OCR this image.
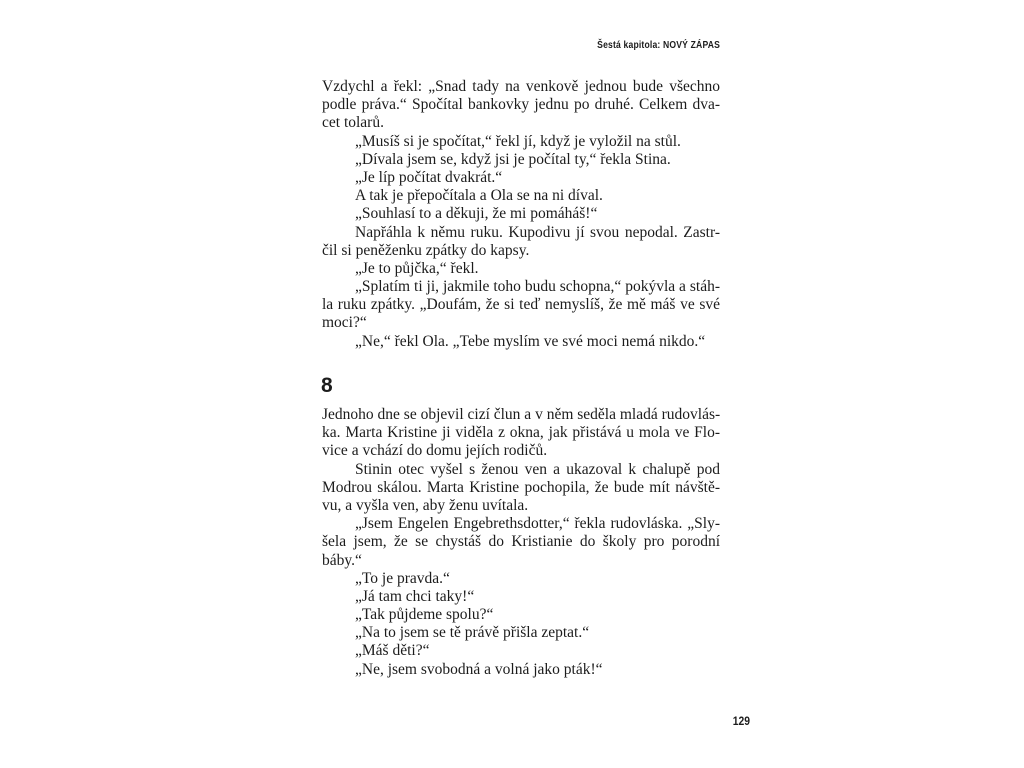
Šestá kapitola: NOVÝ ZÁPAS
Vzdychl a řekl: „Snad tady na venkově jednou bude všechno
podle práva.“ Spočítal bankovky jednu po druhé. Celkem dva-
cet tolarů.
„Musíš si je spočítat,“ řekl jí, když je vyložil na stůl.
„Dívala jsem se, když jsi je počítal ty,“ řekla Stina.
„Je líp počítat dvakrát.“
A tak je přepočítala a Ola se na ni díval.
„Souhlasí to a děkuji, že mi pomáháš!“
Napřáhla k němu ruku. Kupodivu jí svou nepodal. Zastr-
čil si peněženku zpátky do kapsy.
„Je to půjčka,“ řekl.
„Splatím ti ji, jakmile toho budu schopna,“ pokývla a stáh-
la ruku zpátky. „Doufám, že si teď nemyslíš, že mě máš ve své
moci?“
„Ne,“ řekl Ola. „Tebe myslím ve své moci nemá nikdo.“
8
Jednoho dne se objevil cizí člun a v něm seděla mladá rudovlás-
ka. Marta Kristine ji viděla z okna, jak přistává u mola ve Flo-
vice a vchází do domu jejích rodičů.
Stinin otec vyšel s ženou ven a ukazoval k chalupě pod
Modrou skálou. Marta Kristine pochopila, že bude mít návště-
vu, a vyšla ven, aby ženu uvítala.
„Jsem Engelen Engebrethsdotter,“ řekla rudovláska. „Sly-
šela jsem, že se chystáš do Kristianie do školy pro porodní
báby.“
„To je pravda.“
„Já tam chci taky!“
„Tak půjdeme spolu?“
„Na to jsem se tě právě přišla zeptat.“
„Máš děti?“
„Ne, jsem svobodná a volná jako pták!“
129
